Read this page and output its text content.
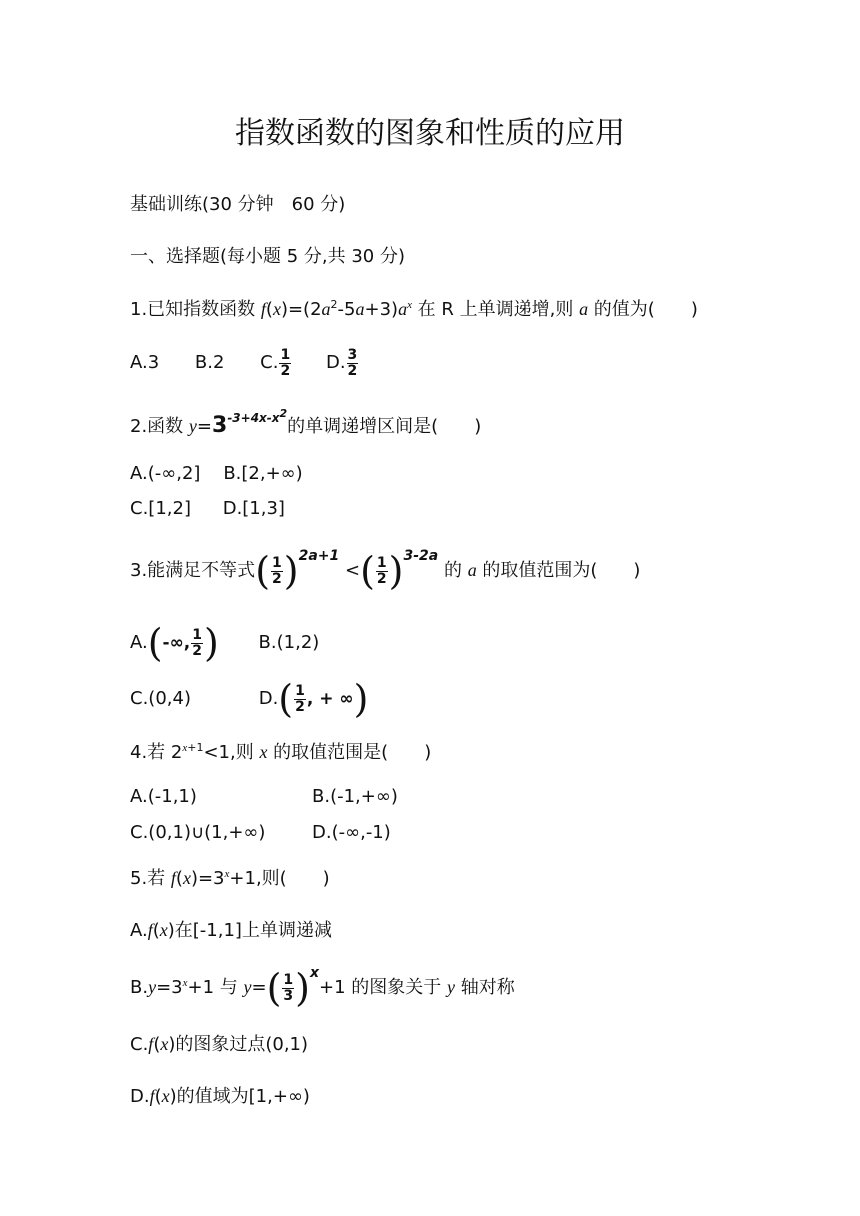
指数函数的图象和性质的应用
基础训练(30 分钟　60 分)
一、选择题(每小题 5 分,共 30 分)
1.已知指数函数 $f(x)=(2a^2-5a+3)a^x$ 在 R 上单调递增,则 a 的值为(　　)
A.3 B.2 C. $\frac{1}{2} D$. $\frac{3}{2}$
2.函数 $y=3^{-3+4x-x^2}$的单调递增区间是(　　)
A.(-∞,2] B.[2,+∞)
C.[1,2] D.[1,3]
3.能满足不等式( $\frac{1}{2} )^{2a+1}$ <( $\frac{1}{2} )^{3-2a}$ 的 a 的取值范围为(　　)
A.(-∞, $\frac{1}{2}$ ) B.(1,2)
C.(0,4)	$D.( \frac{1}{2}$ , + ∞)
4.若 $2^{x+1}<1$,则 x 的取值范围是(　　)
A.(-1,1)	B.(-1,+∞)
C.(0,1)∪(1,+∞)	D.(-∞,-1)
5.若 $f(x)=3^x+1$,则(　　)
A.f(x)在[-1,1]上单调递减
$B.y=3^x+1$ 与 $y=( \frac{1}{3} )^x+1$ 的图象关于 y 轴对称
C.f(x)的图象过点(0,1)
D.f(x)的值域为[1,+∞)
